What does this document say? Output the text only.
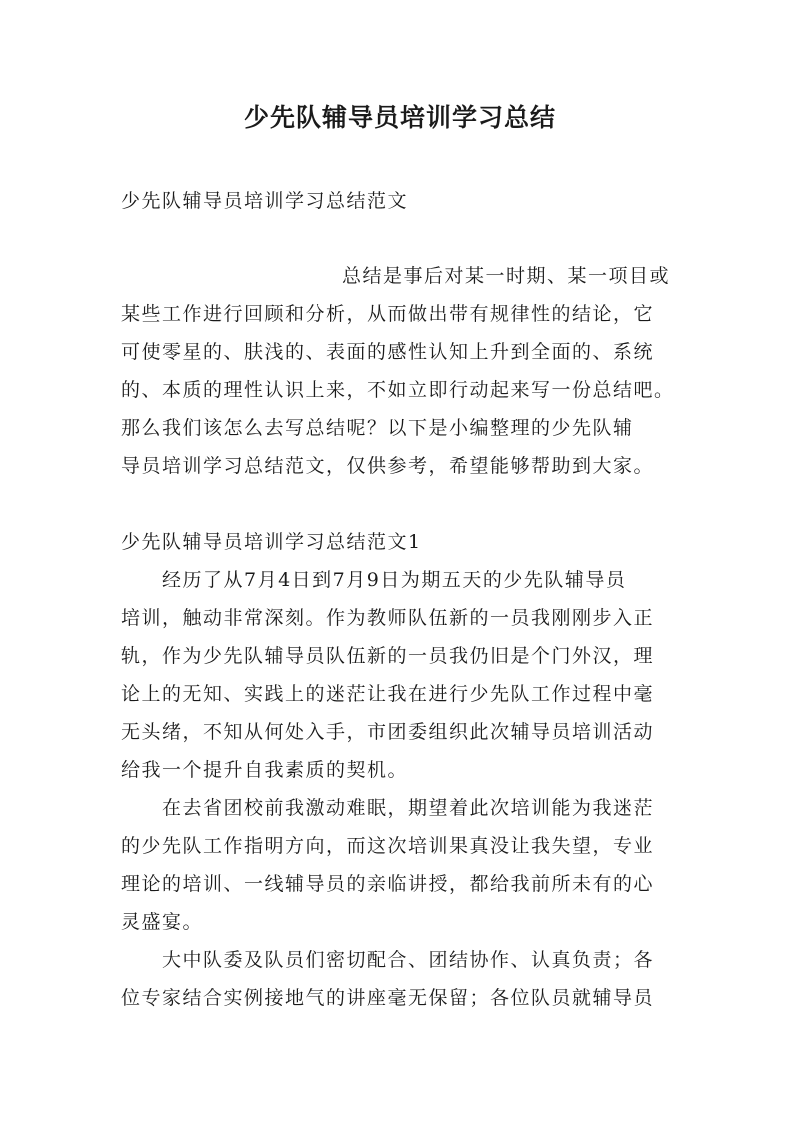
少先队辅导员培训学习总结
少先队辅导员培训学习总结范文
总结是事后对某一时期、某一项目或
某些工作进行回顾和分析，从而做出带有规律性的结论，它
可使零星的、肤浅的、表面的感性认知上升到全面的、系统
的、本质的理性认识上来，不如立即行动起来写一份总结吧。
那么我们该怎么去写总结呢？以下是小编整理的少先队辅
导员培训学习总结范文，仅供参考，希望能够帮助到大家。
少先队辅导员培训学习总结范文1
经历了从7月4日到7月9日为期五天的少先队辅导员
培训，触动非常深刻。作为教师队伍新的一员我刚刚步入正
轨，作为少先队辅导员队伍新的一员我仍旧是个门外汉，理
论上的无知、实践上的迷茫让我在进行少先队工作过程中毫
无头绪，不知从何处入手，市团委组织此次辅导员培训活动
给我一个提升自我素质的契机。
在去省团校前我激动难眠，期望着此次培训能为我迷茫
的少先队工作指明方向，而这次培训果真没让我失望，专业
理论的培训、一线辅导员的亲临讲授，都给我前所未有的心
灵盛宴。
大中队委及队员们密切配合、团结协作、认真负责；各
位专家结合实例接地气的讲座毫无保留；各位队员就辅导员
